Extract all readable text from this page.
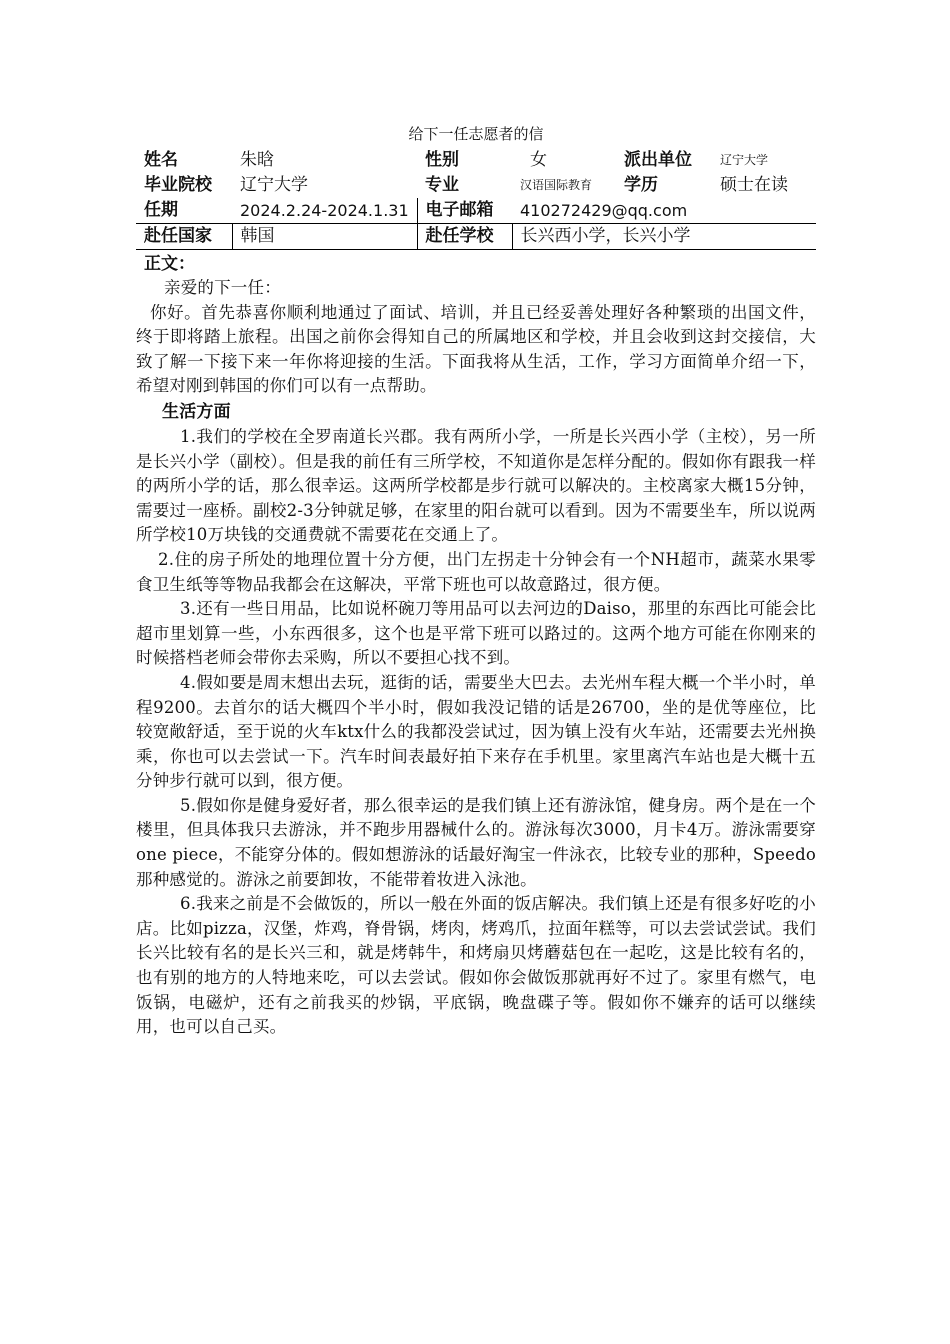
给下一任志愿者的信
姓名	朱晗	性别	女	派出单位	辽宁大学
毕业院校	辽宁大学	专业	汉语国际教育	学历	硕士在读
任期	2024.2.24-2024.1.31	电子邮箱	410272429@qq.com		
赴任国家	韩国	赴任学校	长兴西小学，长兴小学		
正文：

亲爱的下一任：

你好。首先恭喜你顺利地通过了面试、培训，并且已经妥善处理好各种繁琐的出国文件，终于即将踏上旅程。出国之前你会得知自己的所属地区和学校，并且会收到这封交接信，大致了解一下接下来一年你将迎接的生活。下面我将从生活，工作，学习方面简单介绍一下，希望对刚到韩国的你们可以有一点帮助。

生活方面

1.我们的学校在全罗南道长兴郡。我有两所小学，一所是长兴西小学（主校），另一所是长兴小学（副校）。但是我的前任有三所学校，不知道你是怎样分配的。假如你有跟我一样的两所小学的话，那么很幸运。这两所学校都是步行就可以解决的。主校离家大概15分钟，需要过一座桥。副校2-3分钟就足够，在家里的阳台就可以看到。因为不需要坐车，所以说两所学校10万块钱的交通费就不需要花在交通上了。

2.住的房子所处的地理位置十分方便，出门左拐走十分钟会有一个NH超市，蔬菜水果零食卫生纸等等物品我都会在这解决，平常下班也可以故意路过，很方便。

3.还有一些日用品，比如说杯碗刀等用品可以去河边的Daiso，那里的东西比可能会比超市里划算一些，小东西很多，这个也是平常下班可以路过的。这两个地方可能在你刚来的时候搭档老师会带你去采购，所以不要担心找不到。

4.假如要是周末想出去玩，逛街的话，需要坐大巴去。去光州车程大概一个半小时，单程9200。去首尔的话大概四个半小时，假如我没记错的话是26700，坐的是优等座位，比较宽敞舒适，至于说的火车ktx什么的我都没尝试过，因为镇上没有火车站，还需要去光州换乘，你也可以去尝试一下。汽车时间表最好拍下来存在手机里。家里离汽车站也是大概十五分钟步行就可以到，很方便。

5.假如你是健身爱好者，那么很幸运的是我们镇上还有游泳馆，健身房。两个是在一个楼里，但具体我只去游泳，并不跑步用器械什么的。游泳每次3000，月卡4万。游泳需要穿one piece，不能穿分体的。假如想游泳的话最好淘宝一件泳衣，比较专业的那种，Speedo那种感觉的。游泳之前要卸妆，不能带着妆进入泳池。

6.我来之前是不会做饭的，所以一般在外面的饭店解决。我们镇上还是有很多好吃的小店。比如pizza，汉堡，炸鸡，脊骨锅，烤肉，烤鸡爪，拉面年糕等，可以去尝试尝试。我们长兴比较有名的是长兴三和，就是烤韩牛，和烤扇贝烤蘑菇包在一起吃，这是比较有名的，也有别的地方的人特地来吃，可以去尝试。假如你会做饭那就再好不过了。家里有燃气，电饭锅，电磁炉，还有之前我买的炒锅，平底锅，晚盘碟子等。假如你不嫌弃的话可以继续用，也可以自己买。
